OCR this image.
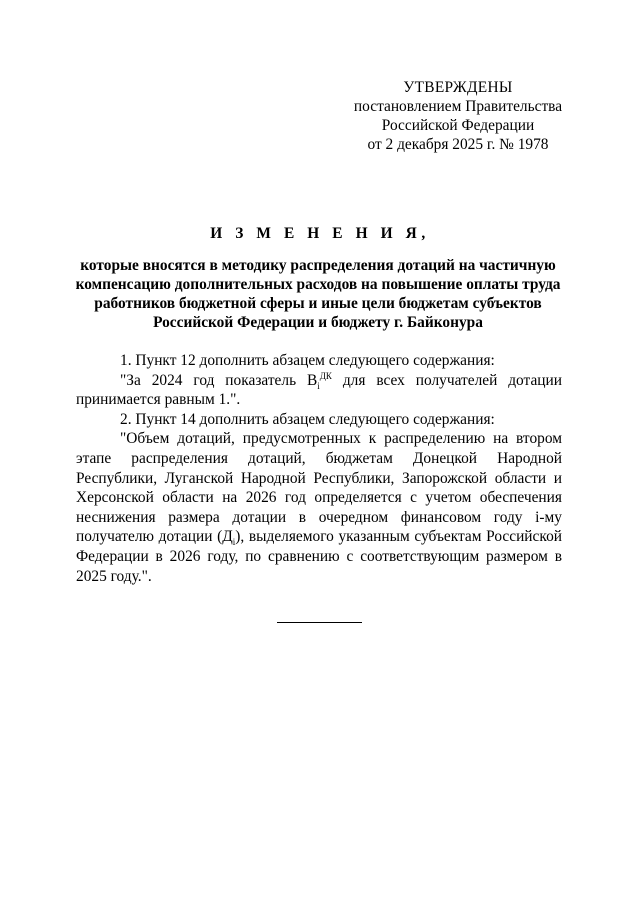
УТВЕРЖДЕНЫ
постановлением Правительства
Российской Федерации
от 2 декабря 2025 г. № 1978
И З М Е Н Е Н И Я,
которые вносятся в методику распределения дотаций на частичную компенсацию дополнительных расходов на повышение оплаты труда работников бюджетной сферы и иные цели бюджетам субъектов Российской Федерации и бюджету г. Байконура

1. Пункт 12 дополнить абзацем следующего содержания:

"За 2024 год показатель $В_i^{ДК}$ для всех получателей дотации принимается равным 1.".

2. Пункт 14 дополнить абзацем следующего содержания:

"Объем дотаций, предусмотренных к распределению на втором этапе распределения дотаций, бюджетам Донецкой Народной Республики, Луганской Народной Республики, Запорожской области и Херсонской области на 2026 год определяется с учетом обеспечения неснижения размера дотации в очередном финансовом году i-му получателю дотации $(Д_i)$, выделяемого указанным субъектам Российской Федерации в 2026 году, по сравнению с соответствующим размером в 2025 году.".
